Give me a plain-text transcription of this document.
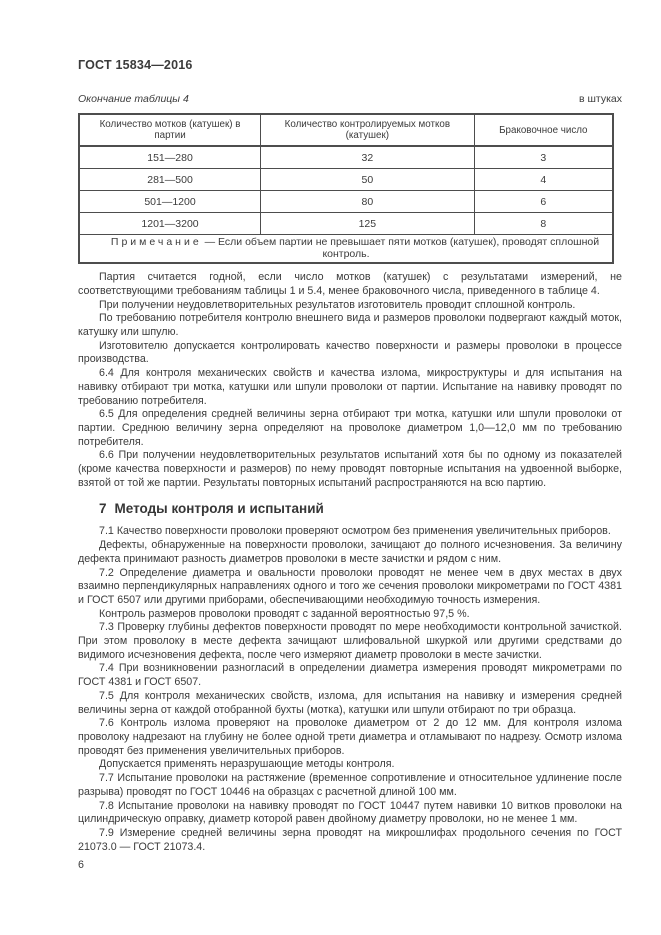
ГОСТ 15834—2016
Окончание таблицы 4	в штуках
Количество мотков (катушек) в партии	Количество контролируемых мотков (катушек)	Браковочное число
151—280	32	3
281—500	50	4
501—1200	80	6
1201—3200	125	8
Примечание — Если объем партии не превышает пяти мотков (катушек), проводят сплошной контроль.		

Партия считается годной, если число мотков (катушек) с результатами измерений, не соответствующими требованиям таблицы 1 и 5.4, менее браковочного числа, приведенного в таблице 4.

При получении неудовлетворительных результатов изготовитель проводит сплошной контроль.

По требованию потребителя контролю внешнего вида и размеров проволоки подвергают каждый моток, катушку или шпулю.

Изготовителю допускается контролировать качество поверхности и размеры проволоки в процессе производства.

6.4 Для контроля механических свойств и качества излома, микроструктуры и для испытания на навивку отбирают три мотка, катушки или шпули проволоки от партии. Испытание на навивку проводят по требованию потребителя.

6.5 Для определения средней величины зерна отбирают три мотка, катушки или шпули проволоки от партии. Среднюю величину зерна определяют на проволоке диаметром 1,0—12,0 мм по требованию потребителя.

6.6 При получении неудовлетворительных результатов испытаний хотя бы по одному из показателей (кроме качества поверхности и размеров) по нему проводят повторные испытания на удвоенной выборке, взятой от той же партии. Результаты повторных испытаний распространяются на всю партию.

7 Методы контроля и испытаний

7.1 Качество поверхности проволоки проверяют осмотром без применения увеличительных приборов.

Дефекты, обнаруженные на поверхности проволоки, зачищают до полного исчезновения. За величину дефекта принимают разность диаметров проволоки в месте зачистки и рядом с ним.

7.2 Определение диаметра и овальности проволоки проводят не менее чем в двух местах в двух взаимно перпендикулярных направлениях одного и того же сечения проволоки микрометрами по ГОСТ 4381 и ГОСТ 6507 или другими приборами, обеспечивающими необходимую точность измерения.

Контроль размеров проволоки проводят с заданной вероятностью 97,5 %.

7.3 Проверку глубины дефектов поверхности проводят по мере необходимости контрольной зачисткой. При этом проволоку в месте дефекта зачищают шлифовальной шкуркой или другими средствами до видимого исчезновения дефекта, после чего измеряют диаметр проволоки в месте зачистки.

7.4 При возникновении разногласий в определении диаметра измерения проводят микрометрами по ГОСТ 4381 и ГОСТ 6507.

7.5 Для контроля механических свойств, излома, для испытания на навивку и измерения средней величины зерна от каждой отобранной бухты (мотка), катушки или шпули отбирают по три образца.

7.6 Контроль излома проверяют на проволоке диаметром от 2 до 12 мм. Для контроля излома проволоку надрезают на глубину не более одной трети диаметра и отламывают по надрезу. Осмотр излома проводят без применения увеличительных приборов.

Допускается применять неразрушающие методы контроля.

7.7 Испытание проволоки на растяжение (временное сопротивление и относительное удлинение после разрыва) проводят по ГОСТ 10446 на образцах с расчетной длиной 100 мм.

7.8 Испытание проволоки на навивку проводят по ГОСТ 10447 путем навивки 10 витков проволоки на цилиндрическую оправку, диаметр которой равен двойному диаметру проволоки, но не менее 1 мм.

7.9 Измерение средней величины зерна проводят на микрошлифах продольного сечения по ГОСТ 21073.0 — ГОСТ 21073.4.

6
